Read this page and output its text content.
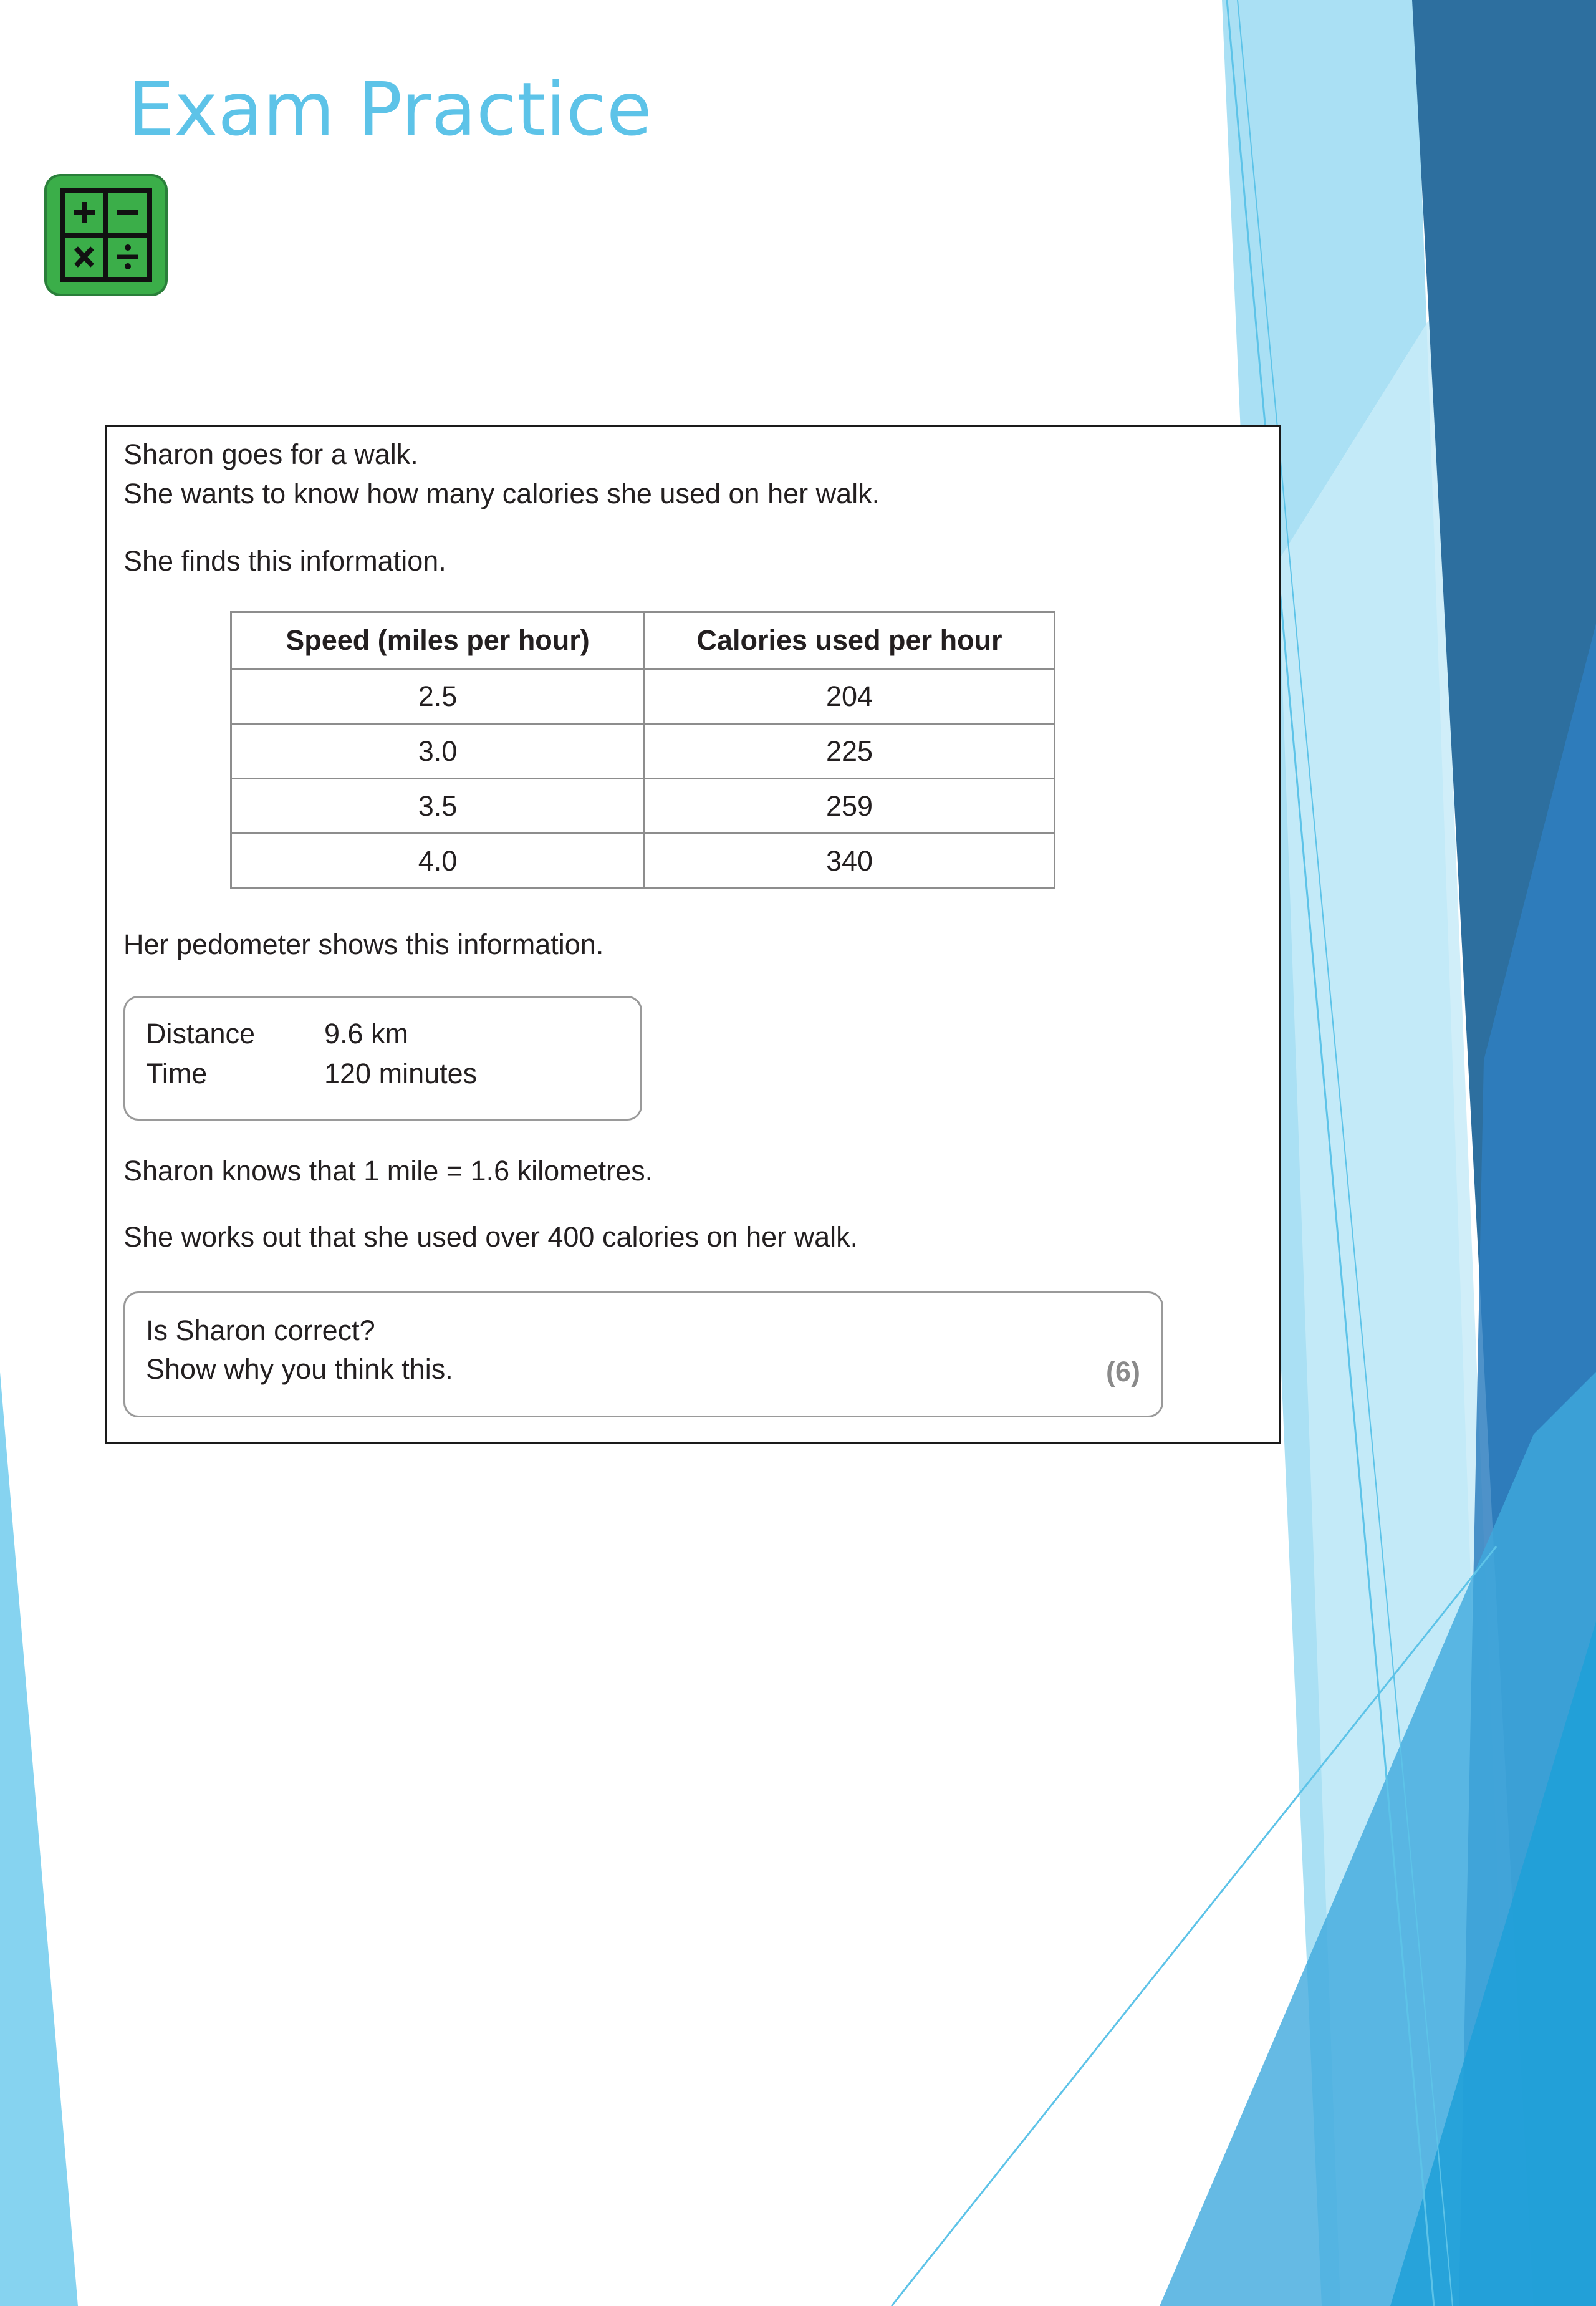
Exam Practice

Sharon goes for a walk.

She wants to know how many calories she used on her walk.

She finds this information.

Speed (miles per hour)	Calories used per hour
2.5	204
3.0	225
3.5	259
4.0	340

Her pedometer shows this information.

Distance 9.6 km
Time	120 minutes

Sharon knows that 1 mile = 1.6 kilometres.

She works out that she used over 400 calories on her walk.

Is Sharon correct?
Show why you think this.	(6)
